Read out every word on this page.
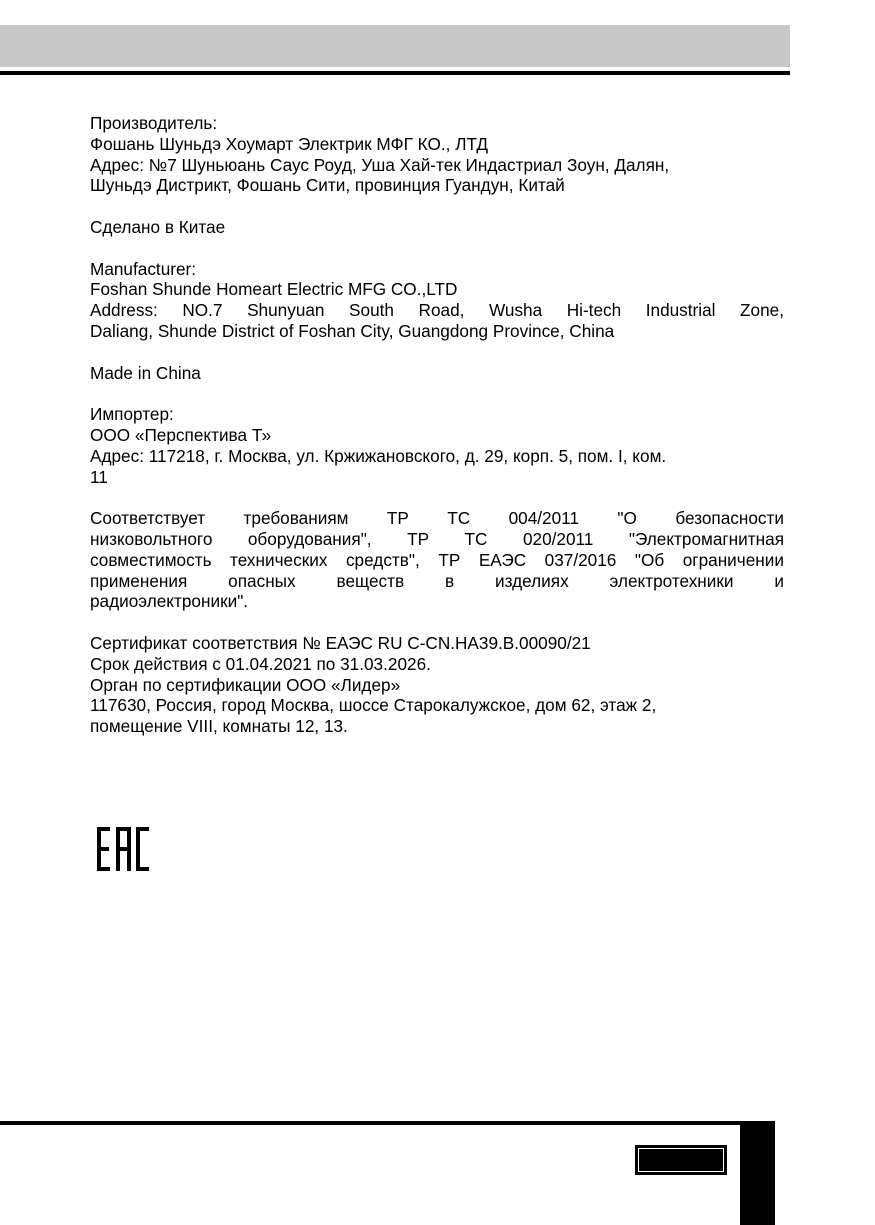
Производитель:
Фошань Шуньдэ Хоумарт Электрик МФГ КО., ЛТД
Адрес: №7 Шуньюань Саус Роуд, Уша Хай-тек Индастриал Зоун, Далян,
Шуньдэ Дистрикт, Фошань Сити, провинция Гуандун, Китай

Сделано в Китае

Manufacturer:
Foshan Shunde Homeart Electric MFG CO.,LTD
Address: NO.7 Shunyuan South Road, Wusha Hi-tech Industrial Zone,
Daliang, Shunde District of Foshan City, Guangdong Province, China

Made in China

Импортер:
ООО «Перспектива Т»
Адрес: 117218, г. Москва, ул. Кржижановского, д. 29, корп. 5, пом. I, ком.
11

Соответствует требованиям ТР ТС 004/2011 "О безопасности
низковольтного оборудования", ТР ТС 020/2011 "Электромагнитная
совместимость технических средств", ТР ЕАЭС 037/2016 "Об ограничении
применения опасных веществ в изделиях электротехники и
радиоэлектроники".

Сертификат соответствия № ЕАЭС RU C-CN.НА39.В.00090/21
Срок действия с 01.04.2021 по 31.03.2026.
Орган по сертификации ООО «Лидер»
117630, Россия, город Москва, шоссе Старокалужское, дом 62, этаж 2,
помещение VIII, комнаты 12, 13.
